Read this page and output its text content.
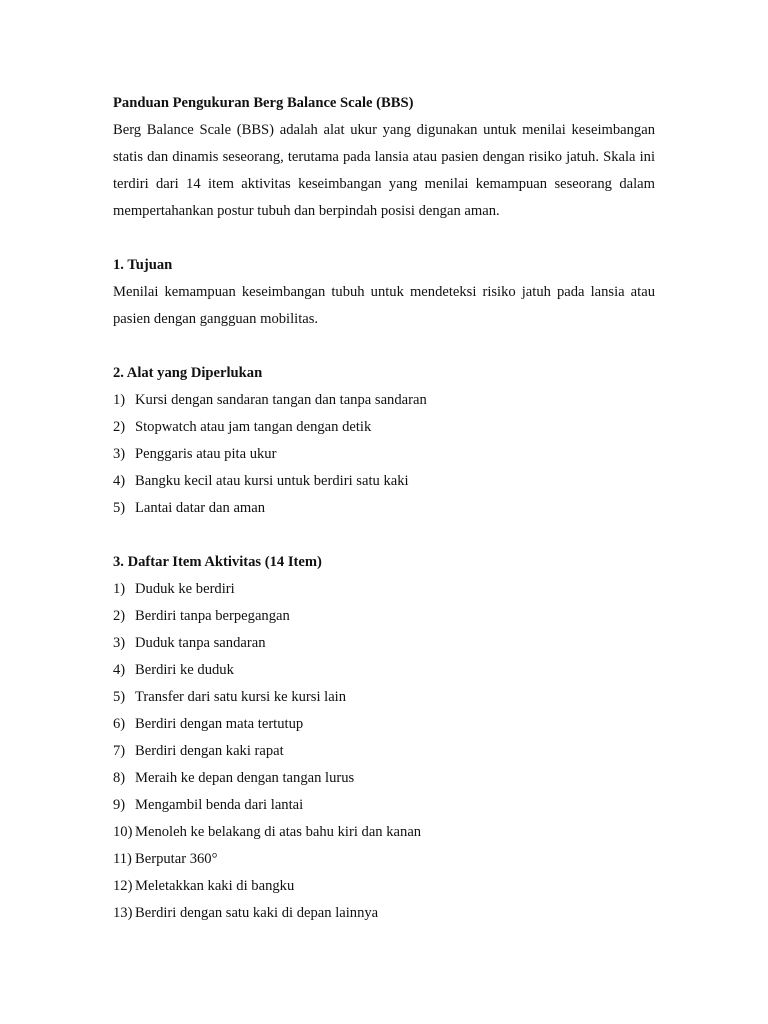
Panduan Pengukuran Berg Balance Scale (BBS)

Berg Balance Scale (BBS) adalah alat ukur yang digunakan untuk menilai keseimbangan statis dan dinamis seseorang, terutama pada lansia atau pasien dengan risiko jatuh. Skala ini terdiri dari 14 item aktivitas keseimbangan yang menilai kemampuan seseorang dalam mempertahankan postur tubuh dan berpindah posisi dengan aman.

1. Tujuan

Menilai kemampuan keseimbangan tubuh untuk mendeteksi risiko jatuh pada lansia atau pasien dengan gangguan mobilitas.

2. Alat yang Diperlukan

1) Kursi dengan sandaran tangan dan tanpa sandaran
2) Stopwatch atau jam tangan dengan detik
3) Penggaris atau pita ukur
4) Bangku kecil atau kursi untuk berdiri satu kaki
5) Lantai datar dan aman

3. Daftar Item Aktivitas (14 Item)

1) Duduk ke berdiri
2) Berdiri tanpa berpegangan
3) Duduk tanpa sandaran
4) Berdiri ke duduk
5) Transfer dari satu kursi ke kursi lain
6) Berdiri dengan mata tertutup
7) Berdiri dengan kaki rapat
8) Meraih ke depan dengan tangan lurus
9) Mengambil benda dari lantai
10) Menoleh ke belakang di atas bahu kiri dan kanan
11) Berputar 360°
12) Meletakkan kaki di bangku
13) Berdiri dengan satu kaki di depan lainnya
